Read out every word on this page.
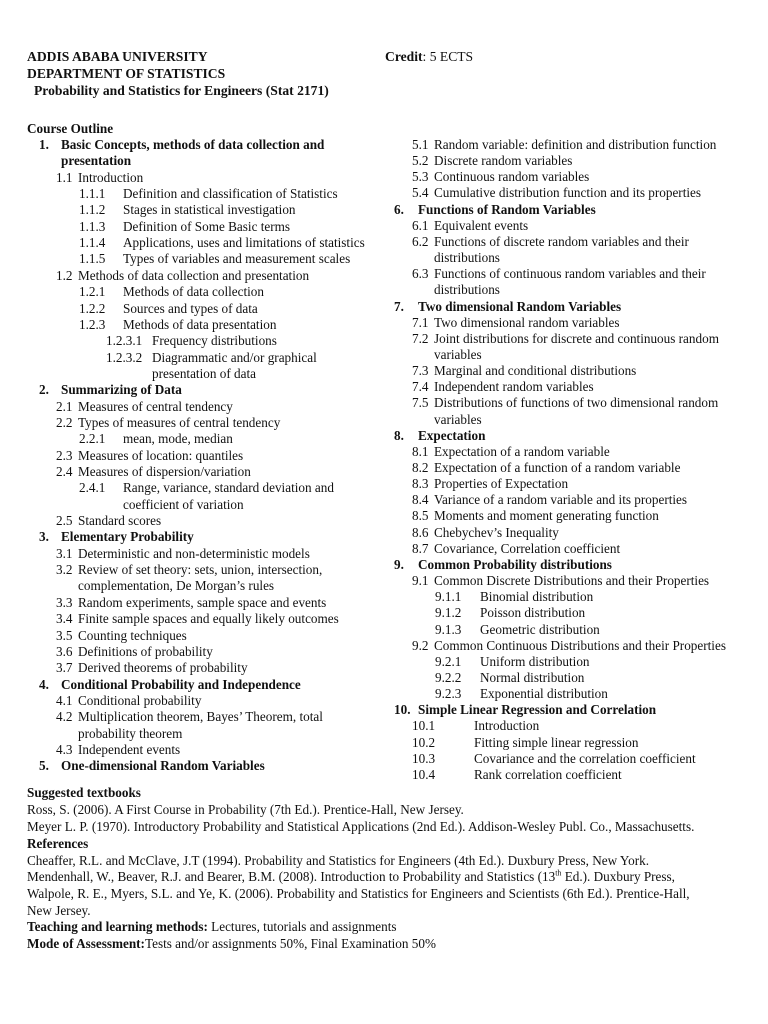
ADDIS ABABA UNIVERSITY
DEPARTMENT OF STATISTICS
Probability and Statistics for Engineers (Stat 2171)
Credit: 5 ECTS
Course Outline
1. Basic Concepts, methods of data collection and
presentation
1.1 Introduction
1.1.1 Definition and classification of Statistics
1.1.2 Stages in statistical investigation
1.1.3 Definition of Some Basic terms
1.1.4 Applications, uses and limitations of statistics
1.1.5 Types of variables and measurement scales
1.2 Methods of data collection and presentation
1.2.1 Methods of data collection
1.2.2 Sources and types of data
1.2.3 Methods of data presentation
1.2.3.1 Frequency distributions
1.2.3.2 Diagrammatic and/or graphical
presentation of data
2. Summarizing of Data
2.1 Measures of central tendency
2.2 Types of measures of central tendency
2.2.1 mean, mode, median
2.3 Measures of location: quantiles
2.4 Measures of dispersion/variation
2.4.1 Range, variance, standard deviation and
coefficient of variation
2.5 Standard scores
3. Elementary Probability
3.1 Deterministic and non-deterministic models
3.2 Review of set theory: sets, union, intersection,
complementation, De Morgan’s rules
3.3 Random experiments, sample space and events
3.4 Finite sample spaces and equally likely outcomes
3.5 Counting techniques
3.6 Definitions of probability
3.7 Derived theorems of probability
4. Conditional Probability and Independence
4.1 Conditional probability
4.2 Multiplication theorem, Bayes’ Theorem, total
probability theorem
4.3 Independent events
5. One-dimensional Random Variables
5.1 Random variable: definition and distribution function
5.2 Discrete random variables
5.3 Continuous random variables
5.4 Cumulative distribution function and its properties
6. Functions of Random Variables
6.1 Equivalent events
6.2 Functions of discrete random variables and their
distributions
6.3 Functions of continuous random variables and their
distributions
7. Two dimensional Random Variables
7.1 Two dimensional random variables
7.2 Joint distributions for discrete and continuous random
variables
7.3 Marginal and conditional distributions
7.4 Independent random variables
7.5 Distributions of functions of two dimensional random
variables
8. Expectation
8.1 Expectation of a random variable
8.2 Expectation of a function of a random variable
8.3 Properties of Expectation
8.4 Variance of a random variable and its properties
8.5 Moments and moment generating function
8.6 Chebychev’s Inequality
8.7 Covariance, Correlation coefficient
9. Common Probability distributions
9.1 Common Discrete Distributions and their Properties
9.1.1 Binomial distribution
9.1.2 Poisson distribution
9.1.3 Geometric distribution
9.2 Common Continuous Distributions and their Properties
9.2.1 Uniform distribution
9.2.2 Normal distribution
9.2.3 Exponential distribution
10. Simple Linear Regression and Correlation
10.1	Introduction
10.2	Fitting simple linear regression
10.3	Covariance and the correlation coefficient
10.4	Rank correlation coefficient
Suggested textbooks
Ross, S. (2006). A First Course in Probability (7th Ed.). Prentice-Hall, New Jersey.
Meyer L. P. (1970). Introductory Probability and Statistical Applications (2nd Ed.). Addison-Wesley Publ. Co., Massachusetts.
References
Cheaffer, R.L. and McClave, J.T (1994). Probability and Statistics for Engineers (4th Ed.). Duxbury Press, New York.
Mendenhall, W., Beaver, R.J. and Bearer, B.M. (2008). Introduction to Probability and Statistics (13th Ed.). Duxbury Press,
Walpole, R. E., Myers, S.L. and Ye, K. (2006). Probability and Statistics for Engineers and Scientists (6th Ed.). Prentice-Hall,
New Jersey.
Teaching and learning methods: Lectures, tutorials and assignments
Mode of Assessment:Tests and/or assignments 50%, Final Examination 50%
